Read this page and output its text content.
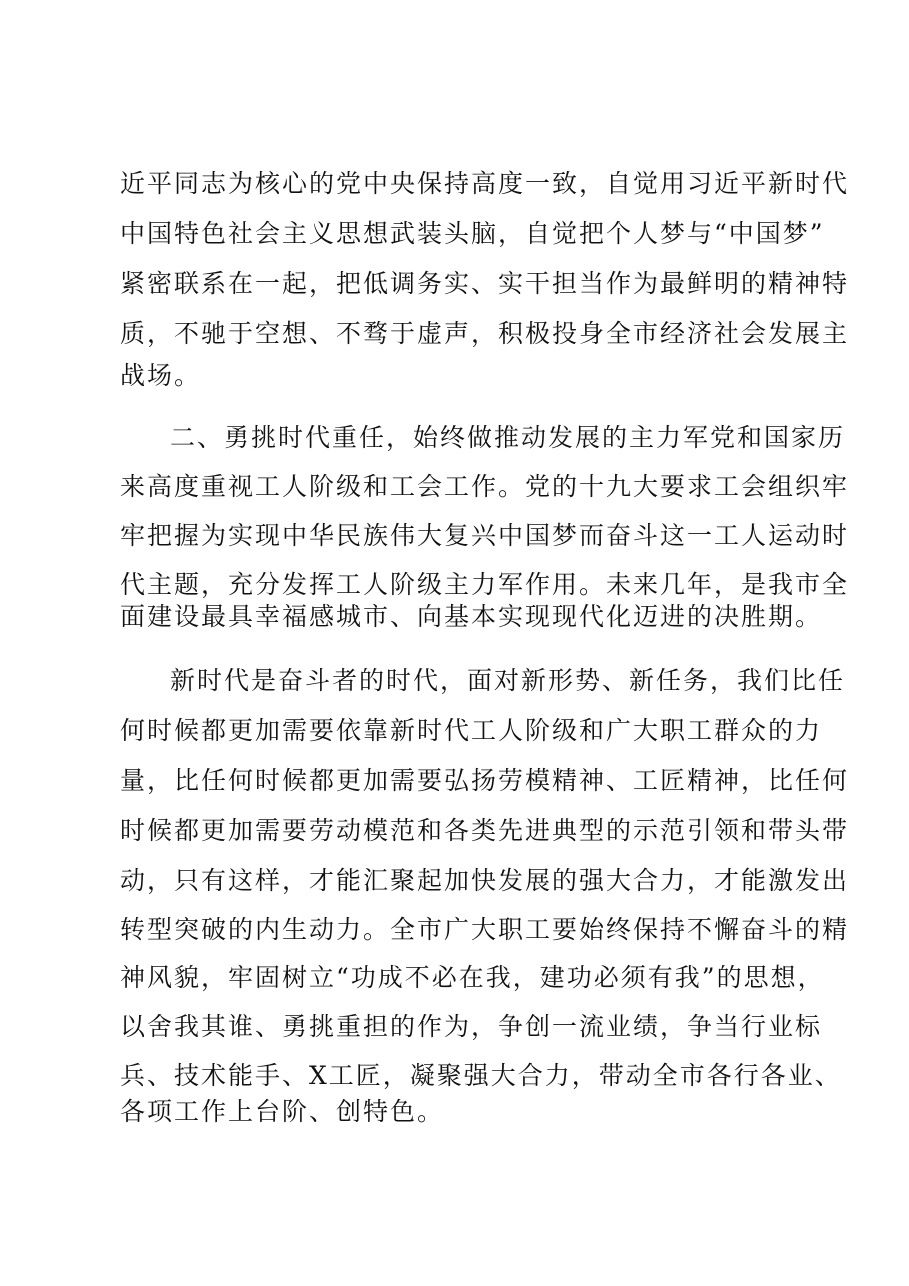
近平同志为核心的党中央保持高度一致，自觉用习近平新时代
中国特色社会主义思想武装头脑，自觉把个人梦与“中国梦”
紧密联系在一起，把低调务实、实干担当作为最鲜明的精神特
质，不驰于空想、不骛于虚声，积极投身全市经济社会发展主
战场。
二、勇挑时代重任，始终做推动发展的主力军党和国家历
来高度重视工人阶级和工会工作。党的十九大要求工会组织牢
牢把握为实现中华民族伟大复兴中国梦而奋斗这一工人运动时
代主题，充分发挥工人阶级主力军作用。未来几年，是我市全
面建设最具幸福感城市、向基本实现现代化迈进的决胜期。
新时代是奋斗者的时代，面对新形势、新任务，我们比任
何时候都更加需要依靠新时代工人阶级和广大职工群众的力
量，比任何时候都更加需要弘扬劳模精神、工匠精神，比任何
时候都更加需要劳动模范和各类先进典型的示范引领和带头带
动，只有这样，才能汇聚起加快发展的强大合力，才能激发出
转型突破的内生动力。全市广大职工要始终保持不懈奋斗的精
神风貌，牢固树立“功成不必在我，建功必须有我”的思想，
以舍我其谁、勇挑重担的作为，争创一流业绩，争当行业标
兵、技术能手、X工匠，凝聚强大合力，带动全市各行各业、
各项工作上台阶、创特色。
